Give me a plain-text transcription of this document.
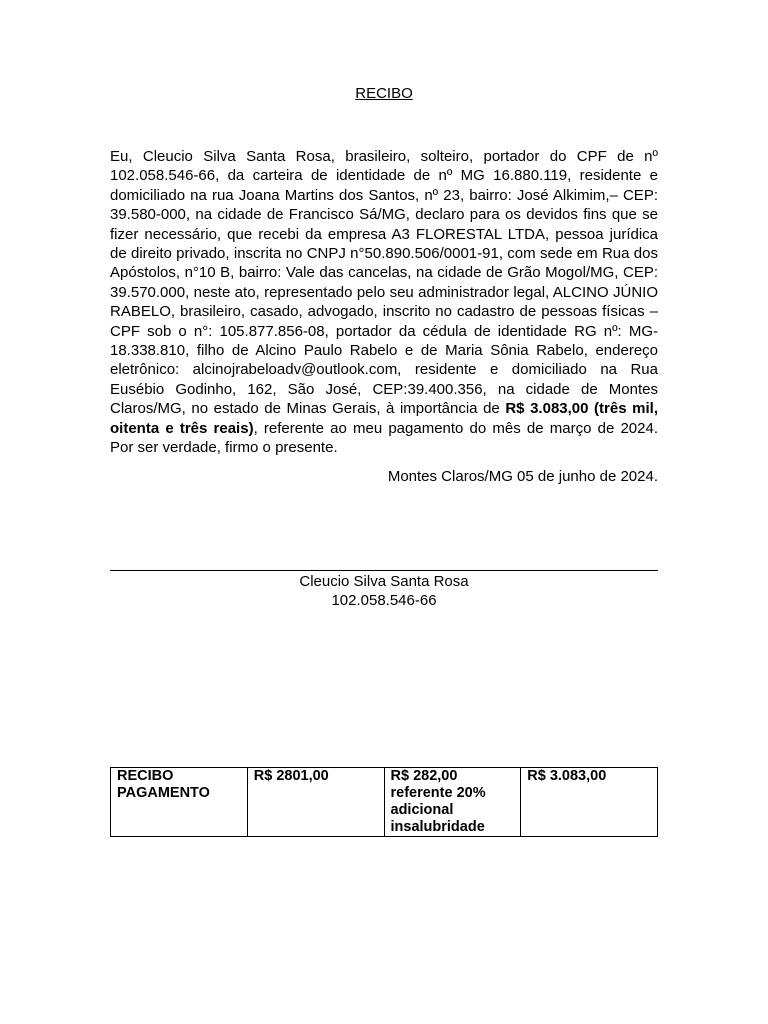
RECIBO
Eu, Cleucio Silva Santa Rosa, brasileiro, solteiro, portador do CPF de nº 102.058.546-66, da carteira de identidade de nº MG 16.880.119, residente e domiciliado na rua Joana Martins dos Santos, nº 23, bairro: José Alkimim,– CEP: 39.580-000, na cidade de Francisco Sá/MG, declaro para os devidos fins que se fizer necessário, que recebi da empresa A3 FLORESTAL LTDA, pessoa jurídica de direito privado, inscrita no CNPJ n°50.890.506/0001-91, com sede em Rua dos Apóstolos, n°10 B, bairro: Vale das cancelas, na cidade de Grão Mogol/MG, CEP: 39.570.000, neste ato, representado pelo seu administrador legal, ALCINO JÚNIO RABELO, brasileiro, casado, advogado, inscrito no cadastro de pessoas físicas – CPF sob o n°: 105.877.856-08, portador da cédula de identidade RG nº: MG-18.338.810, filho de Alcino Paulo Rabelo e de Maria Sônia Rabelo, endereço eletrônico: alcinojrabeloadv@outlook.com, residente e domiciliado na Rua Eusébio Godinho, 162, São José, CEP:39.400.356, na cidade de Montes Claros/MG, no estado de Minas Gerais, à importância de R$ 3.083,00 (três mil, oitenta e três reais), referente ao meu pagamento do mês de março de 2024. Por ser verdade, firmo o presente.
Montes Claros/MG 05 de junho de 2024.
Cleucio Silva Santa Rosa
102.058.546-66
RECIBO PAGAMENTO	R$ 2801,00	R$ 282,00 referente 20% adicional insalubridade	R$ 3.083,00
